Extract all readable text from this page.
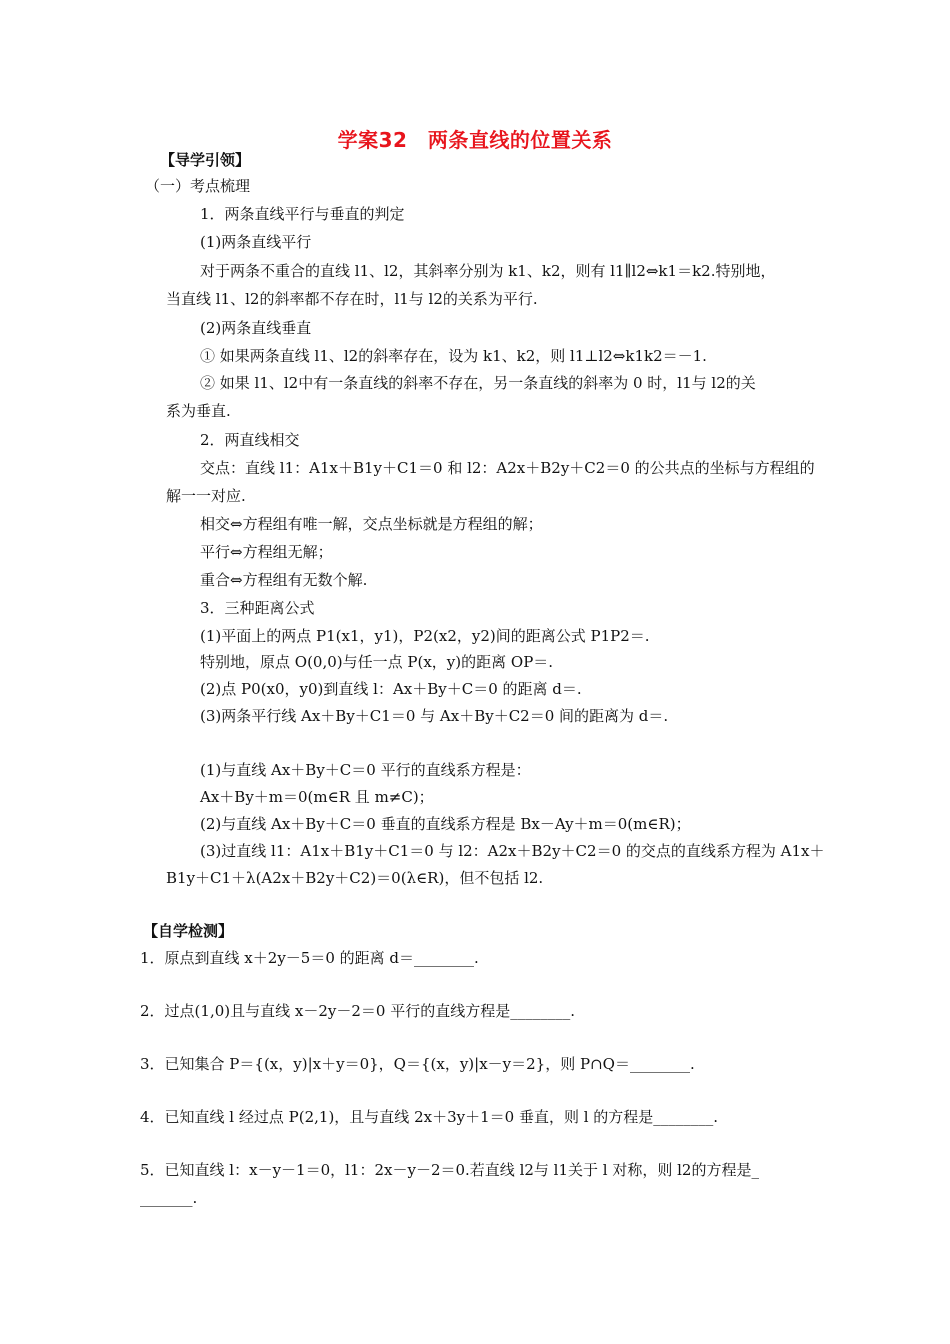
学案32　两条直线的位置关系
【导学引领】
（一）考点梳理
1．两条直线平行与垂直的判定
(1)两条直线平行
对于两条不重合的直线 l1、l2，其斜率分别为 k1、k2，则有 l1∥l2⇔k1＝k2.特别地，
当直线 l1、l2的斜率都不存在时，l1与 l2的关系为平行.
(2)两条直线垂直
① 如果两条直线 l1、l2的斜率存在，设为 k1、k2，则 l1⊥l2⇔k1k2＝－1.
② 如果 l1、l2中有一条直线的斜率不存在，另一条直线的斜率为 0 时，l1与 l2的关
系为垂直.
2．两直线相交
交点：直线 l1：A1x＋B1y＋C1＝0 和 l2：A2x＋B2y＋C2＝0 的公共点的坐标与方程组的
解一一对应.
相交⇔方程组有唯一解，交点坐标就是方程组的解；
平行⇔方程组无解；
重合⇔方程组有无数个解.
3．三种距离公式
(1)平面上的两点 P1(x1，y1)，P2(x2，y2)间的距离公式 P1P2＝.
特别地，原点 O(0,0)与任一点 P(x，y)的距离 OP＝.
(2)点 P0(x0，y0)到直线 l：Ax＋By＋C＝0 的距离 d＝.
(3)两条平行线 Ax＋By＋C1＝0 与 Ax＋By＋C2＝0 间的距离为 d＝.
(1)与直线 Ax＋By＋C＝0 平行的直线系方程是：
Ax＋By＋m＝0(m∈R 且 m≠C)；
(2)与直线 Ax＋By＋C＝0 垂直的直线系方程是 Bx－Ay＋m＝0(m∈R)；
(3)过直线 l1：A1x＋B1y＋C1＝0 与 l2：A2x＋B2y＋C2＝0 的交点的直线系方程为 A1x＋
B1y＋C1＋λ(A2x＋B2y＋C2)＝0(λ∈R)，但不包括 l2.
【自学检测】
1．原点到直线 x＋2y－5＝0 的距离 d＝________.
2．过点(1,0)且与直线 x－2y－2＝0 平行的直线方程是________.
3．已知集合 P＝{(x，y)|x＋y＝0}，Q＝{(x，y)|x－y＝2}，则 P∩Q＝________.
4．已知直线 l 经过点 P(2,1)，且与直线 2x＋3y＋1＝0 垂直，则 l 的方程是________.
5．已知直线 l：x－y－1＝0，l1：2x－y－2＝0.若直线 l2与 l1关于 l 对称，则 l2的方程是_
_______.
